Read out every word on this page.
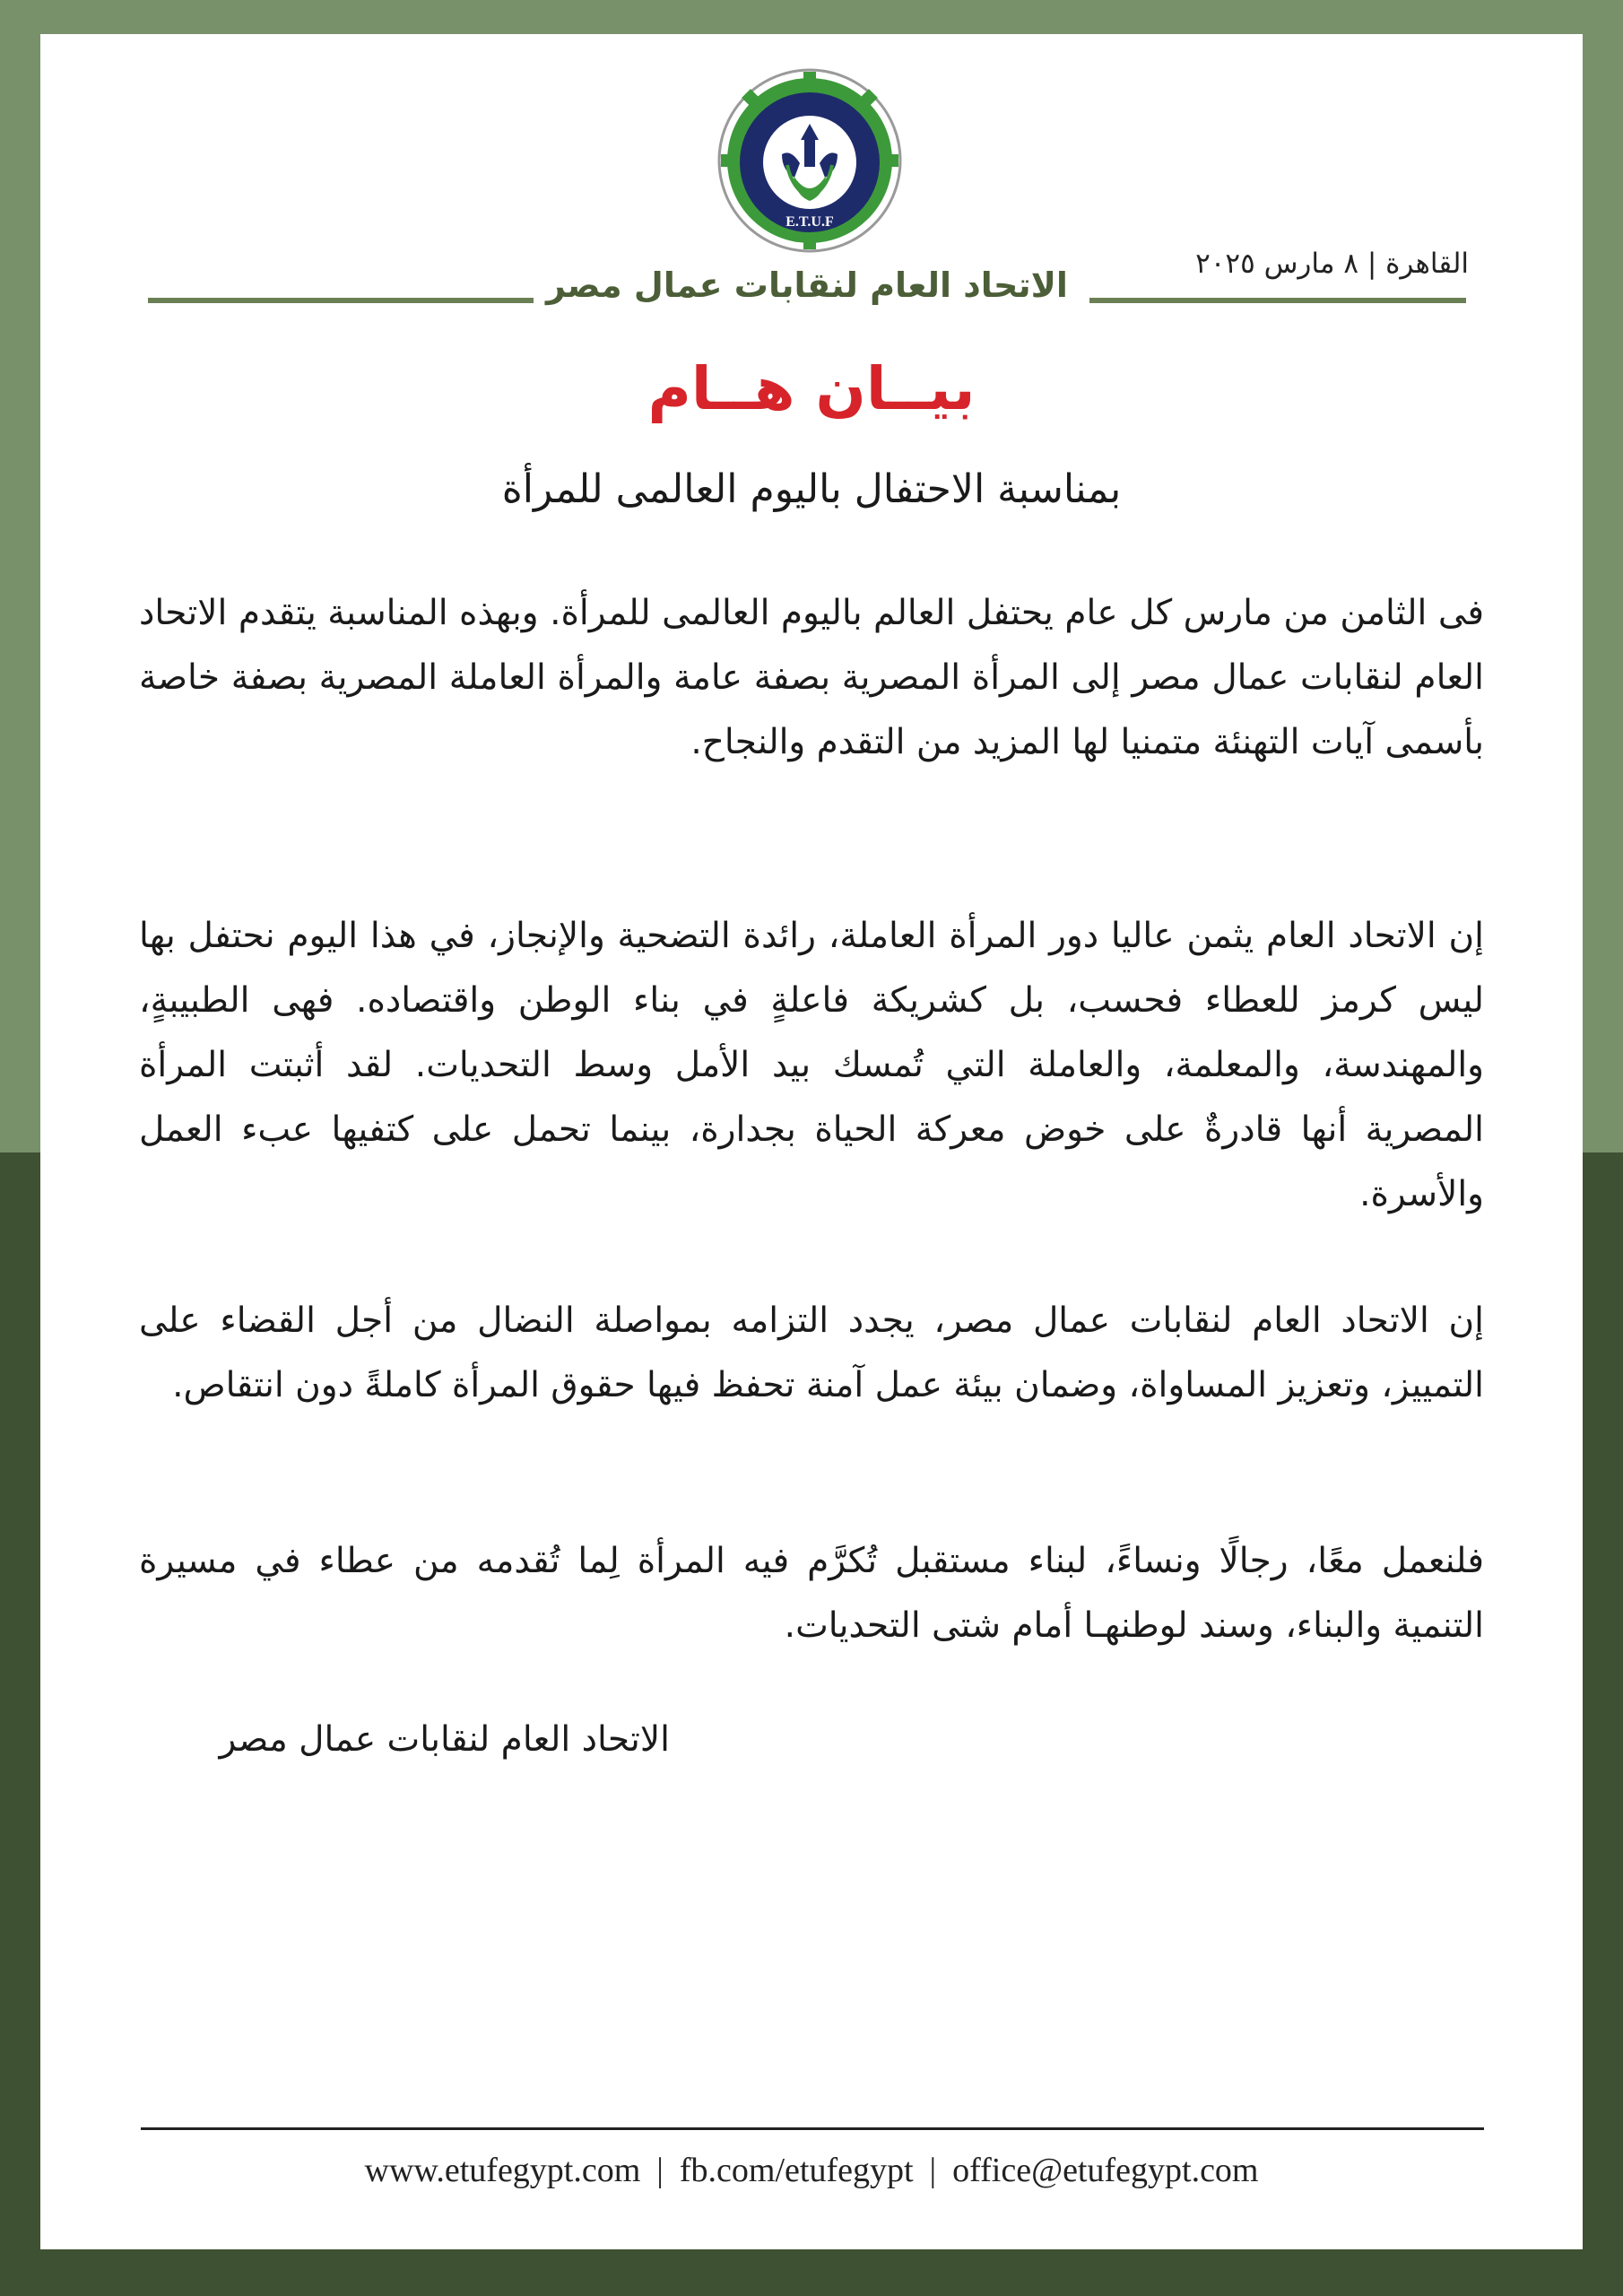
E.T.U.F
القاهرة | ٨ مارس ٢٠٢٥
الاتحاد العام لنقابات عمال مصر
بيــان هــام
بمناسبة الاحتفال باليوم العالمى للمرأة

فى الثامن من مارس كل عام يحتفل العالم باليوم العالمى للمرأة. وبهذه المناسبة يتقدم الاتحاد العام لنقابات عمال مصر إلى المرأة المصرية بصفة عامة والمرأة العاملة المصرية بصفة خاصة بأسمى آيات التهنئة متمنيا لها المزيد من التقدم والنجاح.

إن الاتحاد العام يثمن عاليا دور المرأة العاملة، رائدة التضحية والإنجاز، في هذا اليوم نحتفل بها ليس كرمز للعطاء فحسب، بل كشريكة فاعلةٍ في بناء الوطن واقتصاده. فهى الطبيبةٍ، والمهندسة، والمعلمة، والعاملة التي تُمسك بيد الأمل وسط التحديات. لقد أثبتت المرأة المصرية أنها قادرةٌ على خوض معركة الحياة بجدارة، بينما تحمل على كتفيها عبء العمل والأسرة.

إن الاتحاد العام لنقابات عمال مصر، يجدد التزامه بمواصلة النضال من أجل القضاء على التمييز، وتعزيز المساواة، وضمان بيئة عمل آمنة تحفظ فيها حقوق المرأة كاملةً دون انتقاص.

فلنعمل معًا، رجالًا ونساءً، لبناء مستقبل تُكرَّم فيه المرأة لِما تُقدمه من عطاء في مسيرة التنمية والبناء، وسند لوطنهـا أمام شتى التحديات.

الاتحاد العام لنقابات عمال مصر
www.etufegypt.com | fb.com/etufegypt | office@etufegypt.com
